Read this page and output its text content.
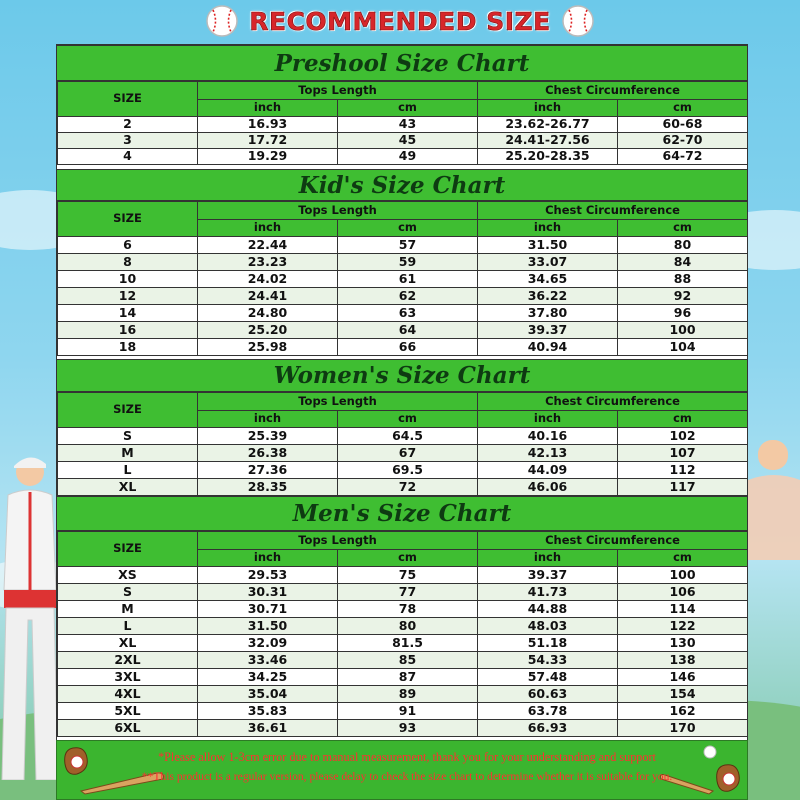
RECOMMENDED SIZE
Preshool Size Chart
SIZE	Tops Length		Chest Circumference	
	inch	cm	inch	cm
2	16.93	43	23.62-26.77	60-68
3	17.72	45	24.41-27.56	62-70
4	19.29	49	25.20-28.35	64-72
Kid's Size Chart
SIZE	Tops Length		Chest Circumference	
	inch	cm	inch	cm
6	22.44	57	31.50	80
8	23.23	59	33.07	84
10	24.02	61	34.65	88
12	24.41	62	36.22	92
14	24.80	63	37.80	96
16	25.20	64	39.37	100
18	25.98	66	40.94	104
Women's Size Chart
SIZE	Tops Length		Chest Circumference	
	inch	cm	inch	cm
S	25.39	64.5	40.16	102
M	26.38	67	42.13	107
L	27.36	69.5	44.09	112
XL	28.35	72	46.06	117
Men's Size Chart
SIZE	Tops Length		Chest Circumference	
	inch	cm	inch	cm
XS	29.53	75	39.37	100
S	30.31	77	41.73	106
M	30.71	78	44.88	114
L	31.50	80	48.03	122
XL	32.09	81.5	51.18	130
2XL	33.46	85	54.33	138
3XL	34.25	87	57.48	146
4XL	35.04	89	60.63	154
5XL	35.83	91	63.78	162
6XL	36.61	93	66.93	170
*Please allow 1-3cm error due to manual measurement, thank you for your understanding and support
**This product is a regular version, please delay to check the size chart to determine whether it is suitable for you.
